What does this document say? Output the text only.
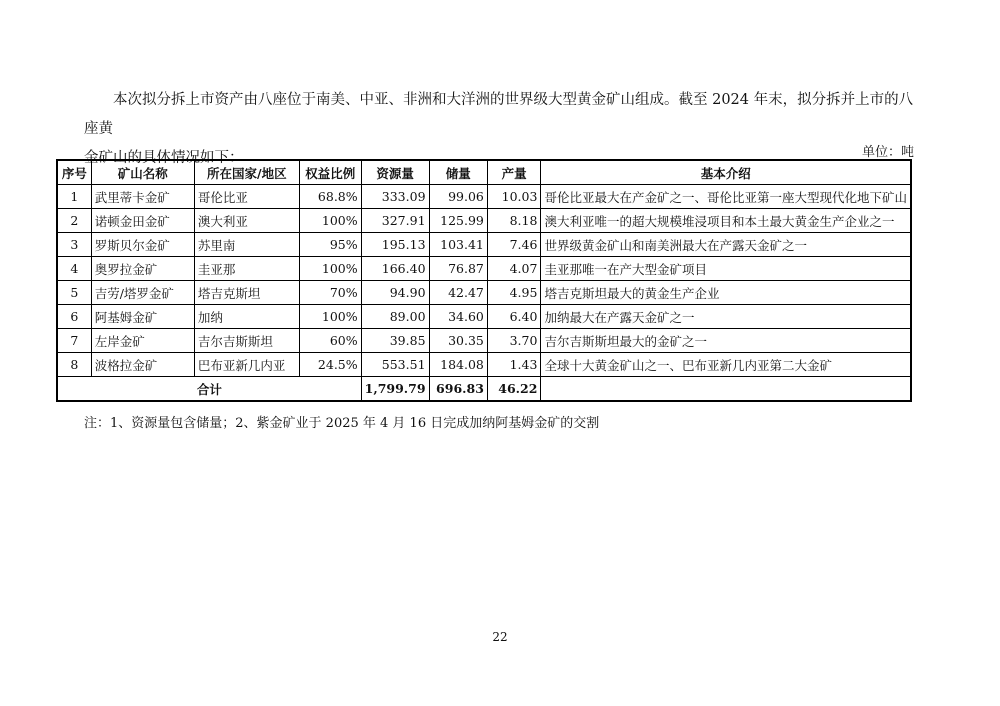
本次拟分拆上市资产由八座位于南美、中亚、非洲和大洋洲的世界级大型黄金矿山组成。截至 2024 年末，拟分拆并上市的八座黄
金矿山的具体情况如下：	单位：吨
序号	矿山名称	所在国家/地区	权益比例	资源量	储量	产量	基本介绍
1	武里蒂卡金矿	哥伦比亚	68.8%	333.09	99.06	10.03	哥伦比亚最大在产金矿之一、哥伦比亚第一座大型现代化地下矿山
2	诺顿金田金矿	澳大利亚	100%	327.91	125.99	8.18	澳大利亚唯一的超大规模堆浸项目和本土最大黄金生产企业之一
3	罗斯贝尔金矿	苏里南	95%	195.13	103.41	7.46	世界级黄金矿山和南美洲最大在产露天金矿之一
4	奥罗拉金矿	圭亚那	100%	166.40	76.87	4.07	圭亚那唯一在产大型金矿项目
5	吉劳/塔罗金矿	塔吉克斯坦	70%	94.90	42.47	4.95	塔吉克斯坦最大的黄金生产企业
6	阿基姆金矿	加纳	100%	89.00	34.60	6.40	加纳最大在产露天金矿之一
7	左岸金矿	吉尔吉斯斯坦	60%	39.85	30.35	3.70	吉尔吉斯斯坦最大的金矿之一
8	波格拉金矿	巴布亚新几内亚	24.5%	553.51	184.08	1.43	全球十大黄金矿山之一、巴布亚新几内亚第二大金矿
合计				1,799.79	696.83	46.22	
注：1、资源量包含储量；2、紫金矿业于 2025 年 4 月 16 日完成加纳阿基姆金矿的交割
22
